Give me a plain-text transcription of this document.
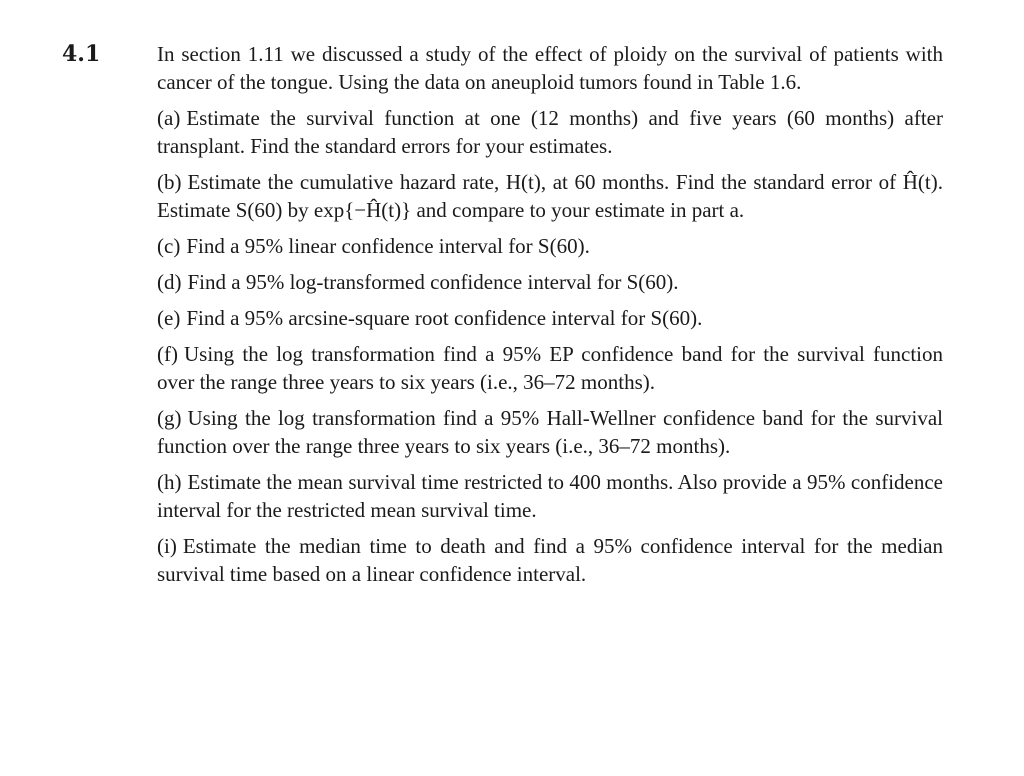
4.1	In section 1.11 we discussed a study of the effect of ploidy on the survival of patients with cancer of the tongue. Using the data on aneuploid tumors found in Table 1.6.

(a) Estimate the survival function at one (12 months) and five years (60 months) after transplant. Find the standard errors for your estimates.

(b) Estimate the cumulative hazard rate, H(t), at 60 months. Find the standard error of Ĥ(t). Estimate S(60) by exp{−Ĥ(t)} and compare to your estimate in part a.

(c) Find a 95% linear confidence interval for S(60).

(d) Find a 95% log-transformed confidence interval for S(60).

(e) Find a 95% arcsine-square root confidence interval for S(60).

(f) Using the log transformation find a 95% EP confidence band for the survival function over the range three years to six years (i.e., 36–72 months).

(g) Using the log transformation find a 95% Hall-Wellner confidence band for the survival function over the range three years to six years (i.e., 36–72 months).

(h) Estimate the mean survival time restricted to 400 months. Also provide a 95% confidence interval for the restricted mean survival time.

(i) Estimate the median time to death and find a 95% confidence interval for the median survival time based on a linear confidence interval.
